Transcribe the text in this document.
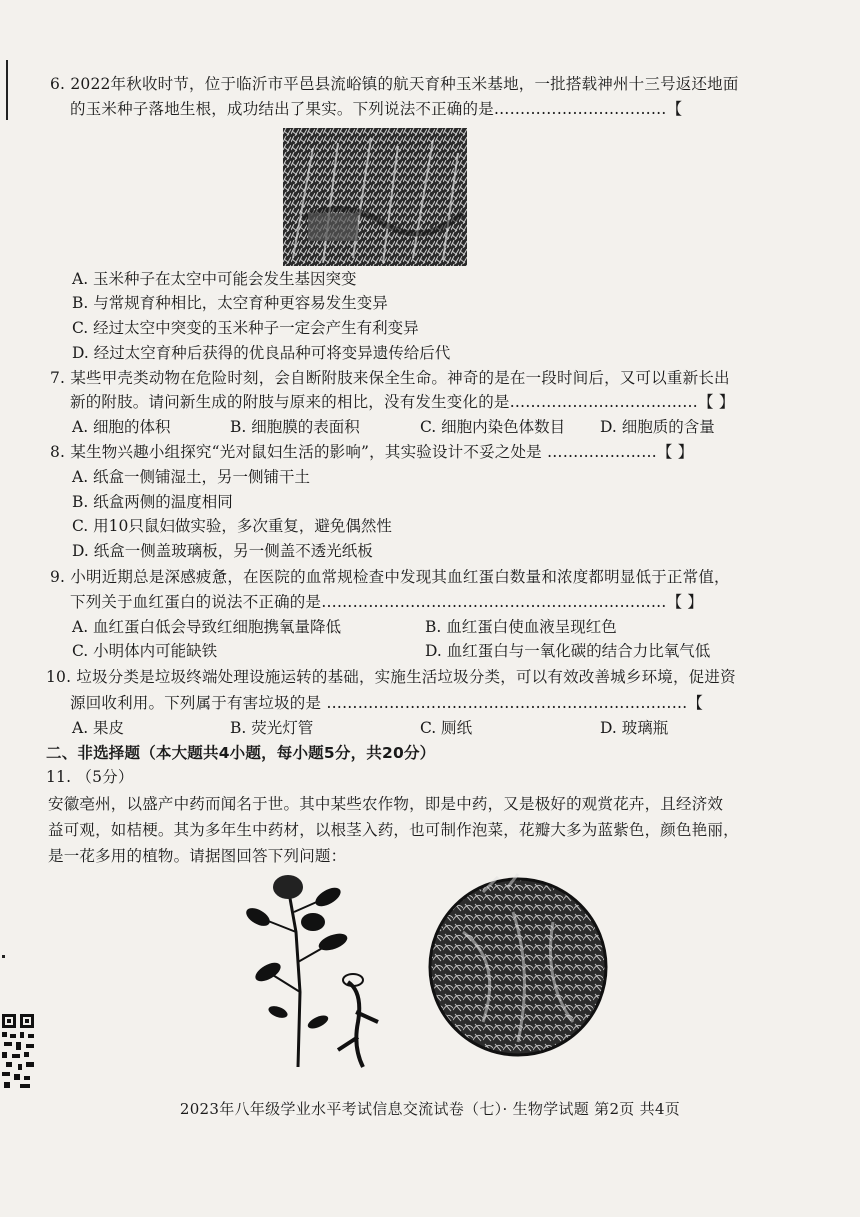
6. 2022年秋收时节，位于临沂市平邑县流峪镇的航天育种玉米基地，一批搭载神州十三号返还地面
的玉米种子落地生根，成功结出了果实。下列说法不正确的是……………………………【
A. 玉米种子在太空中可能会发生基因突变
B. 与常规育种相比，太空育种更容易发生变异
C. 经过太空中突变的玉米种子一定会产生有利变异
D. 经过太空育种后获得的优良品种可将变异遗传给后代
7. 某些甲壳类动物在危险时刻，会自断附肢来保全生命。神奇的是在一段时间后，又可以重新长出
新的附肢。请问新生成的附肢与原来的相比，没有发生变化的是………………………………【 】
A. 细胞的体积	B. 细胞膜的表面积	C. 细胞内染色体数目 D. 细胞质的含量
8. 某生物兴趣小组探究“光对鼠妇生活的影响”，其实验设计不妥之处是 …………………【 】
A. 纸盒一侧铺湿土，另一侧铺干土
B. 纸盒两侧的温度相同
C. 用10只鼠妇做实验，多次重复，避免偶然性
D. 纸盒一侧盖玻璃板，另一侧盖不透光纸板
9. 小明近期总是深感疲惫，在医院的血常规检查中发现其血红蛋白数量和浓度都明显低于正常值，
下列关于血红蛋白的说法不正确的是…………………………………………………………【 】
A. 血红蛋白低会导致红细胞携氧量降低	B. 血红蛋白使血液呈现红色
C. 小明体内可能缺铁	D. 血红蛋白与一氧化碳的结合力比氧气低
10. 垃圾分类是垃圾终端处理设施运转的基础，实施生活垃圾分类，可以有效改善城乡环境，促进资
源回收利用。下列属于有害垃圾的是 ……………………………………………………………【
A. 果皮	B. 荧光灯管	C. 厕纸	D. 玻璃瓶
二、非选择题（本大题共4小题，每小题5分，共20分）
11. （5分）
安徽亳州，以盛产中药而闻名于世。其中某些农作物，即是中药，又是极好的观赏花卉，且经济效
益可观，如桔梗。其为多年生中药材，以根茎入药，也可制作泡菜，花瓣大多为蓝紫色，颜色艳丽，
是一花多用的植物。请据图回答下列问题：
2023年八年级学业水平考试信息交流试卷（七）· 生物学试题 第2页 共4页
